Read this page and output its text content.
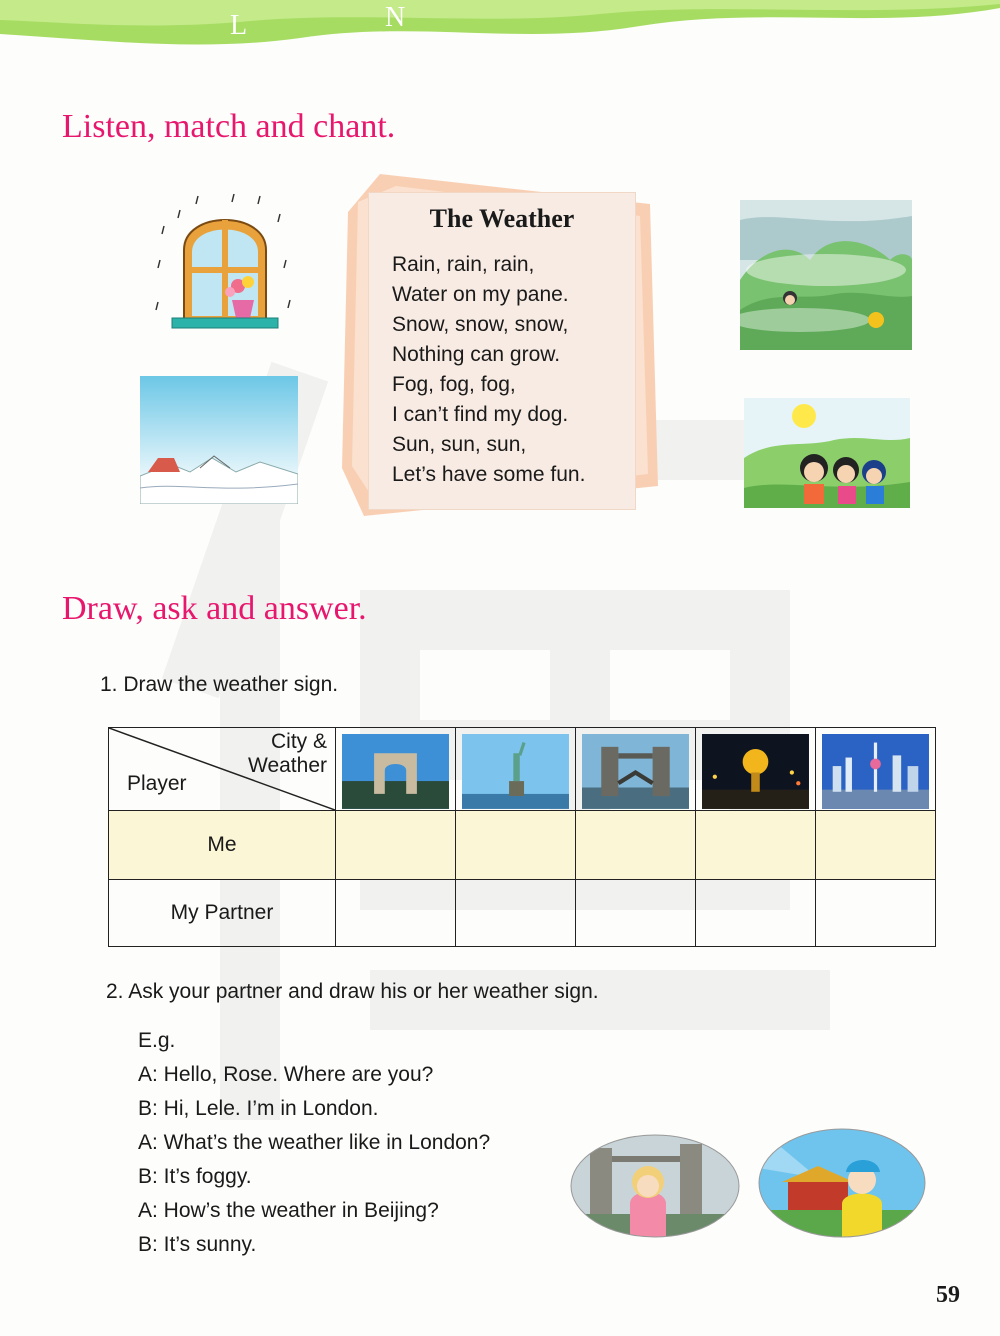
L	N
Listen, match and chant.
The Weather
Rain, rain, rain,
Water on my pane.
Snow, snow, snow,
Nothing can grow.
Fog, fog, fog,
I can’t find my dog.
Sun, sun, sun,
Let’s have some fun.
Draw, ask and answer.
1. Draw the weather sign.
City &
Weather
Player

Me					
My Partner					
2. Ask your partner and draw his or her weather sign.
E.g.
A: Hello, Rose. Where are you?
B: Hi, Lele. I’m in London.
A: What’s the weather like in London?
B: It’s foggy.
A: How’s the weather in Beijing?
B: It’s sunny.
59
